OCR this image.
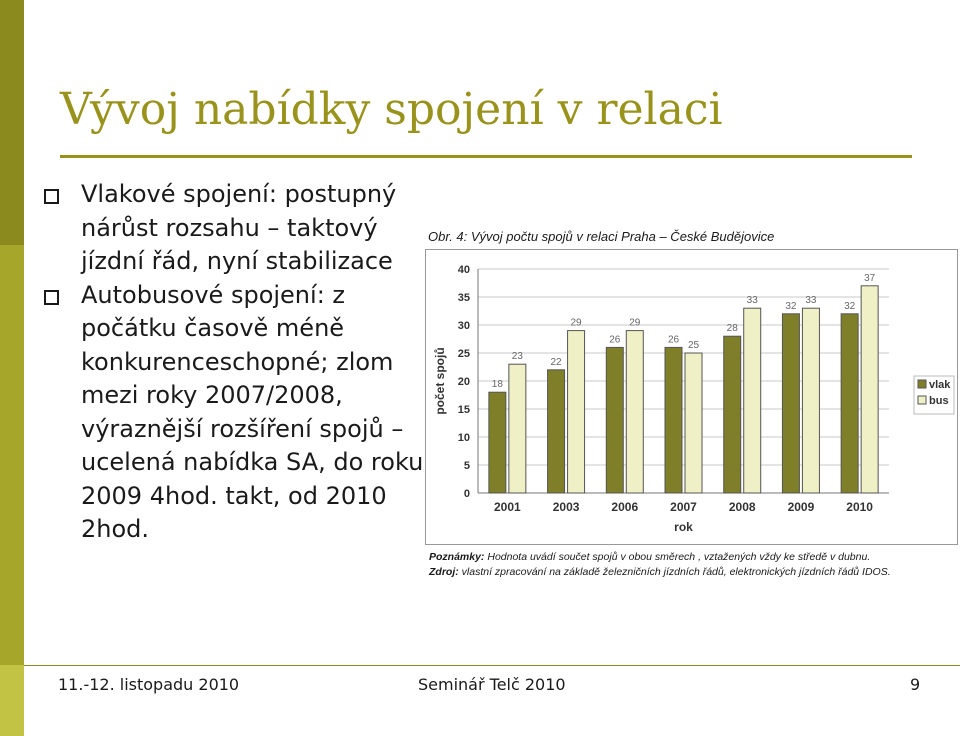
Vývoj nabídky spojení v relaci
Vlakové spojení: postupný nárůst rozsahu – taktový jízdní řád, nyní stabilizace
Autobusové spojení: z počátku časově méně konkurenceschopné; zlom mezi roky 2007/2008, výraznější rozšíření spojů – ucelená nabídka SA, do roku 2009 4hod. takt, od 2010 2hod.
Obr. 4: Vývoj počtu spojů v relaci Praha – České Budějovice
0
5
10
15
20
25
30
35
40
18
23
2001
22
29
2003
26
29
2006
26
25
2007
28
33
2008
32
33
2009
32
37
2010
rok
počet spojů	vlak
bus
Poznámky: Hodnota uvádí součet spojů v obou směrech , vztažených vždy ke středě v dubnu.
Zdroj: vlastní zpracování na základě železničních jízdních řádů, elektronických jízdních řádů IDOS.
11.-12. listopadu 2010	Seminář Telč 2010	9
